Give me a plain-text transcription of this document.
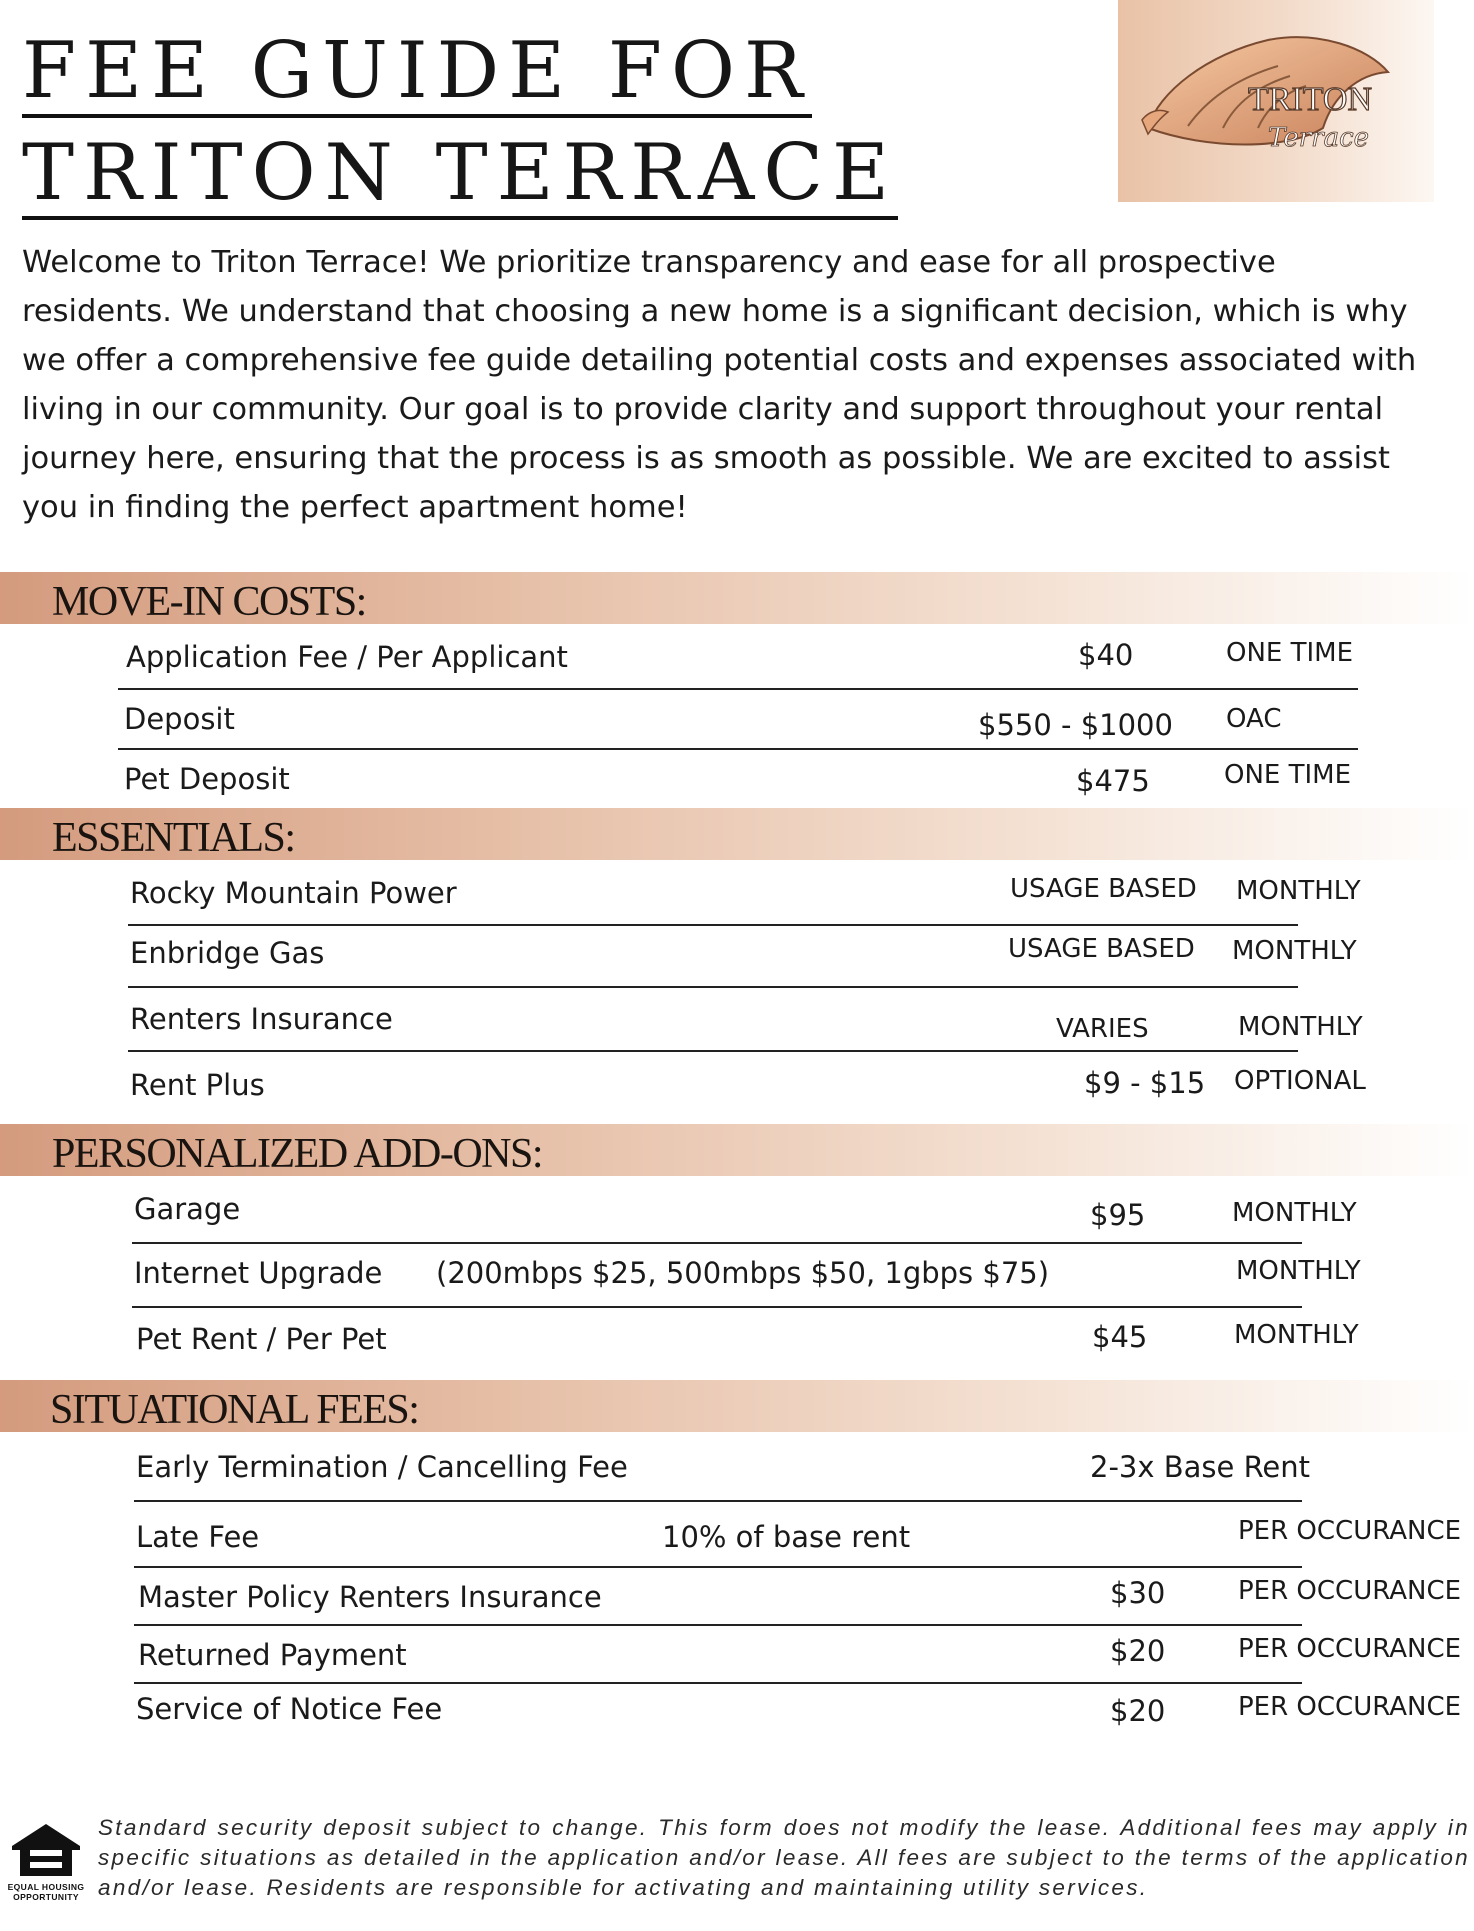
FEE GUIDE FOR
TRITON TERRACE
TRITON
Terrace

Welcome to Triton Terrace! We prioritize transparency and ease for all prospective residents. We understand that choosing a new home is a significant decision, which is why we offer a comprehensive fee guide detailing potential costs and expenses associated with living in our community. Our goal is to provide clarity and support throughout your rental journey here, ensuring that the process is as smooth as possible. We are excited to assist you in finding the perfect apartment home!

MOVE-IN COSTS:
Application Fee / Per Applicant	$40	ONE TIME
Deposit	$550 - $1000 OAC
Pet Deposit	$475	ONE TIME
ESSENTIALS:
Rocky Mountain Power	USAGE BASED MONTHLY
Enbridge Gas	USAGE BASED MONTHLY
Renters Insurance	VARIES	MONTHLY
Rent Plus	$9 - $15 OPTIONAL
PERSONALIZED ADD-ONS:
Garage	$95	MONTHLY
Internet Upgrade (200mbps $25, 500mbps $50, 1gbps $75)	MONTHLY
Pet Rent / Per Pet	$45	MONTHLY
SITUATIONAL FEES:
Early Termination / Cancelling Fee	2-3x Base Rent
Late Fee	10% of base rent	PER OCCURANCE
Master Policy Renters Insurance	$30	PER OCCURANCE
Returned Payment	$20	PER OCCURANCE
Service of Notice Fee	$20	PER OCCURANCE
EQUAL HOUSING
OPPORTUNITY

Standard security deposit subject to change. This form does not modify the lease. Additional fees may apply in specific situations as detailed in the application and/or lease. All fees are subject to the terms of the application and/or lease. Residents are responsible for activating and maintaining utility services.
